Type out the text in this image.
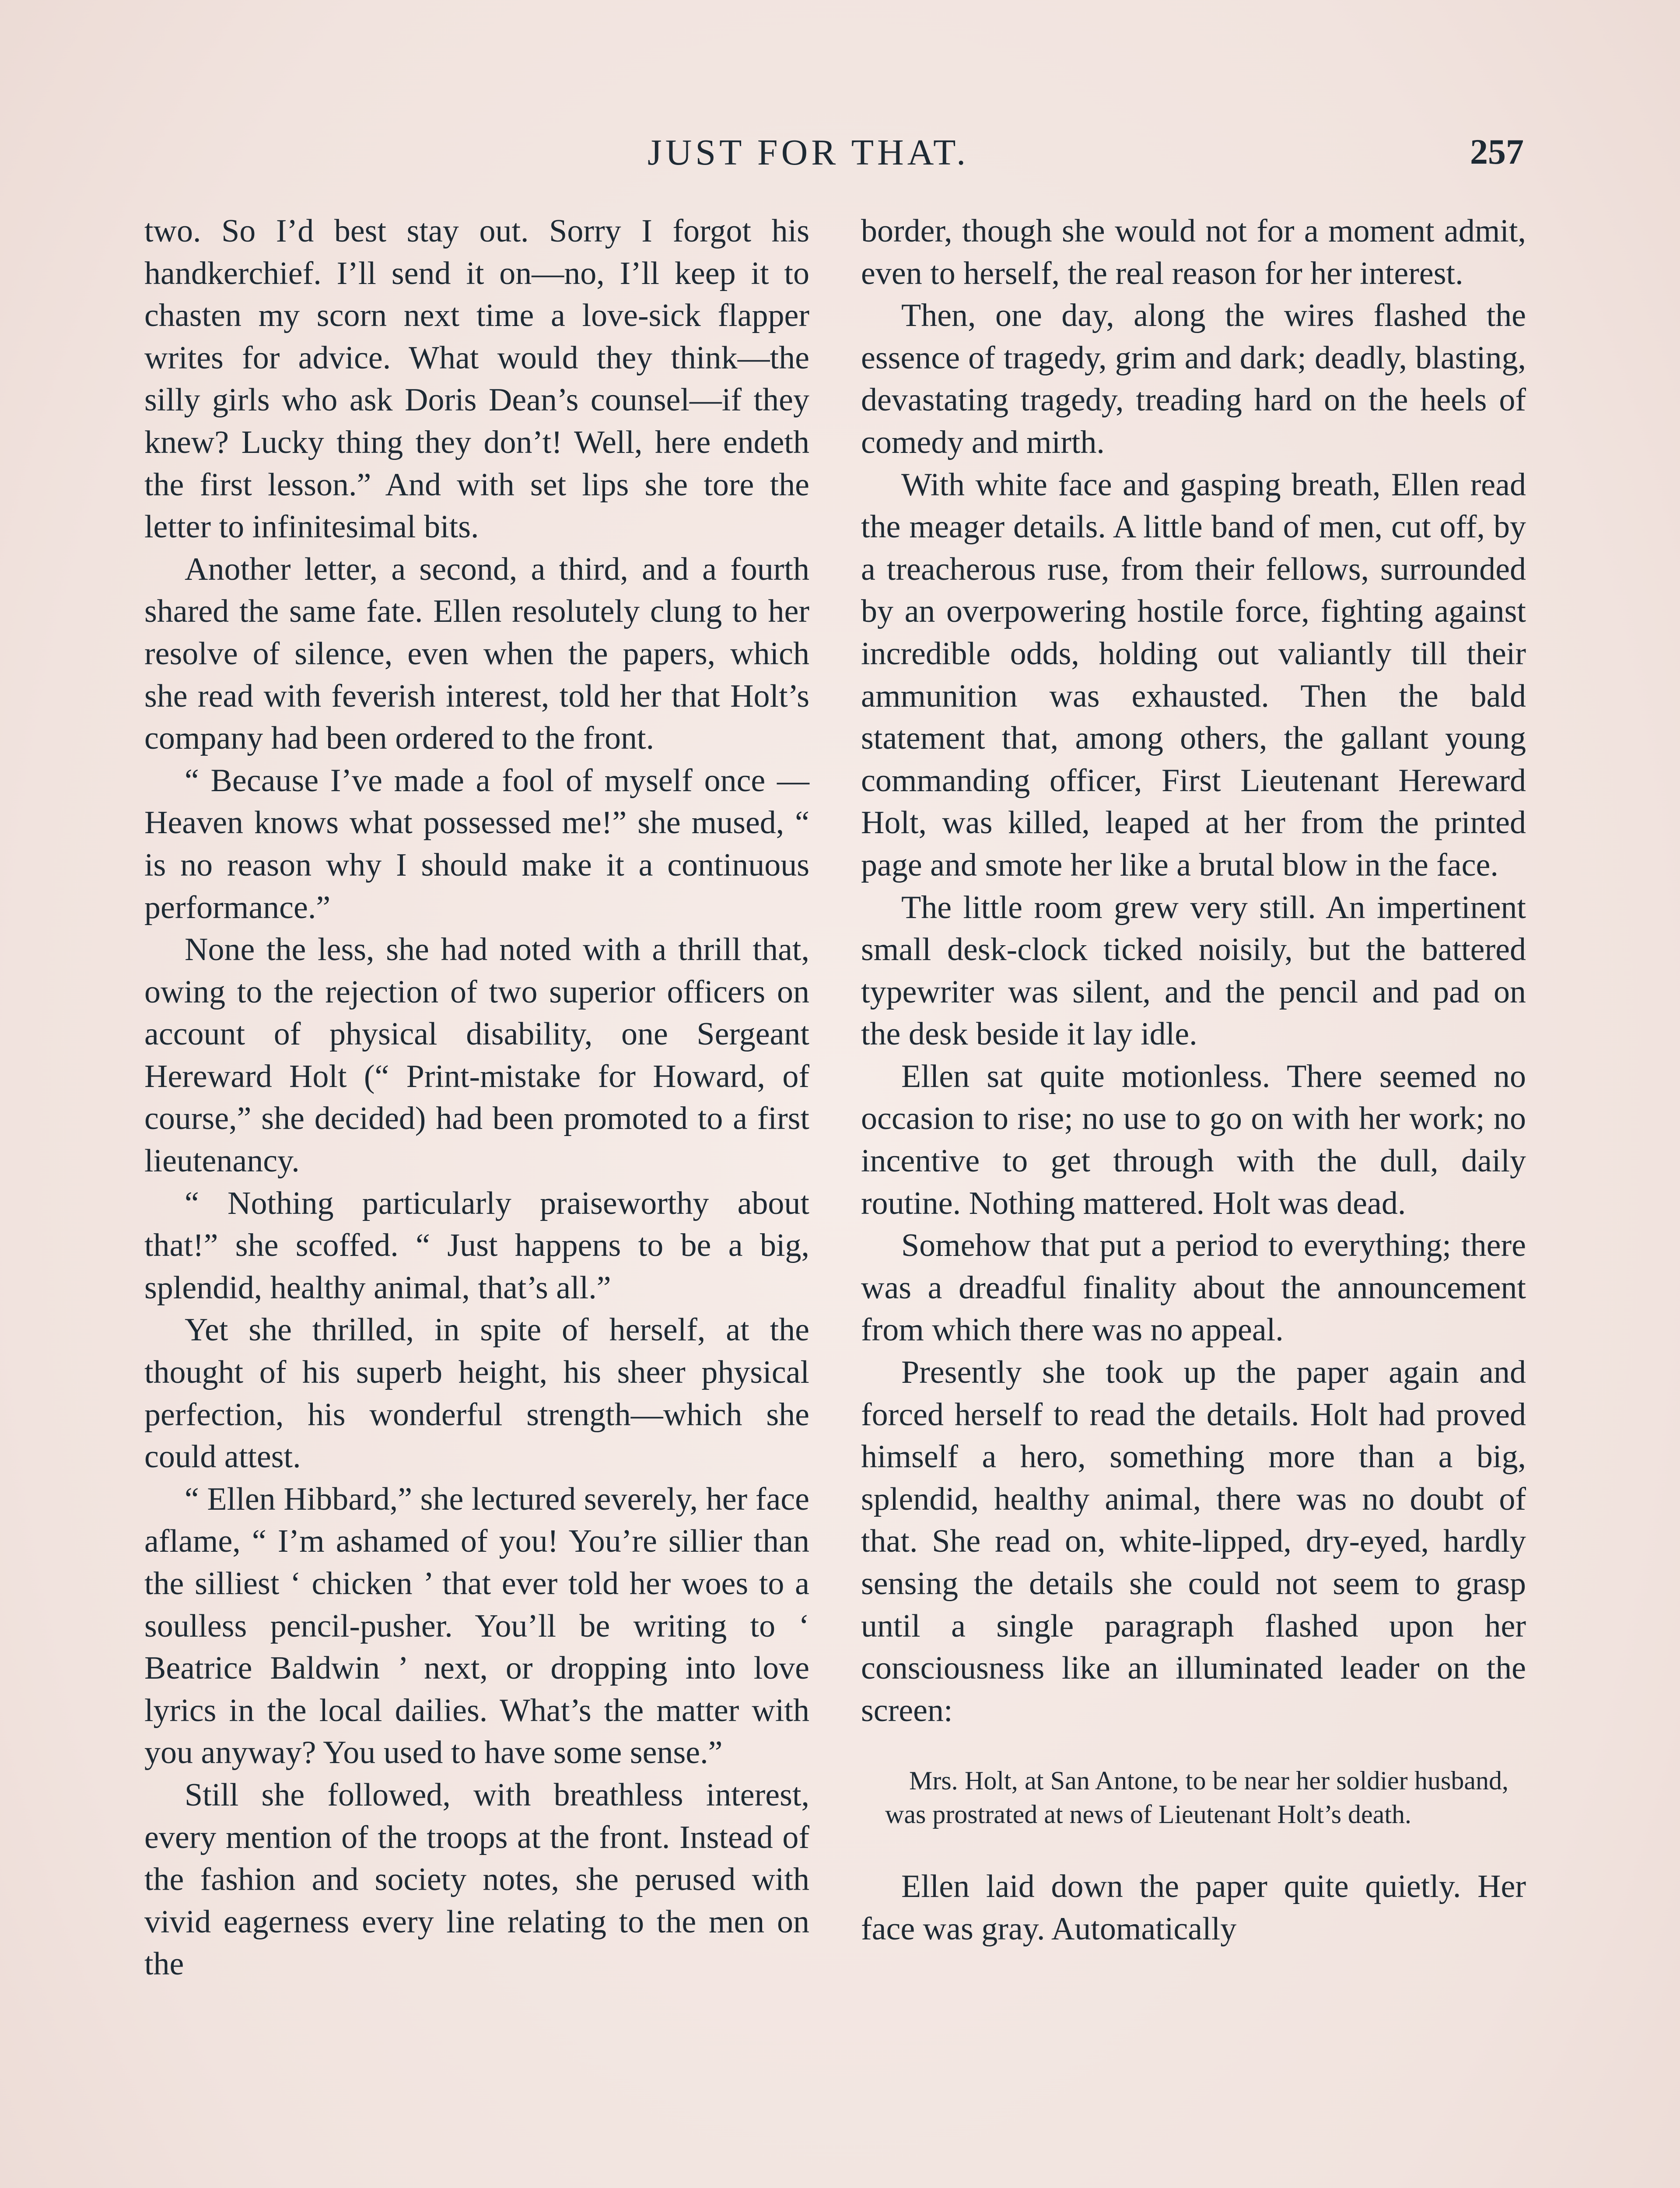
JUST FOR THAT.	257

two. So I’d best stay out. Sorry I forgot his handkerchief. I’ll send it on—no, I’ll keep it to chasten my scorn next time a love-sick flapper writes for advice. What would they think—the silly girls who ask Doris Dean’s counsel—if they knew? Lucky thing they don’t! Well, here endeth the first lesson.” And with set lips she tore the letter to infinitesimal bits.

Another letter, a second, a third, and a fourth shared the same fate. Ellen resolutely clung to her resolve of silence, even when the papers, which she read with feverish interest, told her that Holt’s company had been ordered to the front.

“ Because I’ve made a fool of myself once — Heaven knows what possessed me!” she mused, “ is no reason why I should make it a continuous performance.”

None the less, she had noted with a thrill that, owing to the rejection of two superior officers on account of physical disability, one Sergeant Hereward Holt (“ Print-mistake for Howard, of course,” she decided) had been promoted to a first lieutenancy.

“ Nothing particularly praiseworthy about that!” she scoffed. “ Just happens to be a big, splendid, healthy animal, that’s all.”

Yet she thrilled, in spite of herself, at the thought of his superb height, his sheer physical perfection, his wonderful strength—which she could attest.

“ Ellen Hibbard,” she lectured severely, her face aflame, “ I’m ashamed of you! You’re sillier than the silliest ‘ chicken ’ that ever told her woes to a soulless pencil-pusher. You’ll be writing to ‘ Beatrice Baldwin ’ next, or dropping into love lyrics in the local dailies. What’s the matter with you anyway? You used to have some sense.”

Still she followed, with breathless interest, every mention of the troops at the front. Instead of the fashion and society notes, she perused with vivid eagerness every line relating to the men on the

border, though she would not for a moment admit, even to herself, the real reason for her interest.

Then, one day, along the wires flashed the essence of tragedy, grim and dark; deadly, blasting, devastating tragedy, treading hard on the heels of comedy and mirth.

With white face and gasping breath, Ellen read the meager details. A little band of men, cut off, by a treacherous ruse, from their fellows, surrounded by an overpowering hostile force, fighting against incredible odds, holding out valiantly till their ammunition was exhausted. Then the bald statement that, among others, the gallant young commanding officer, First Lieutenant Hereward Holt, was killed, leaped at her from the printed page and smote her like a brutal blow in the face.

The little room grew very still. An impertinent small desk-clock ticked noisily, but the battered typewriter was silent, and the pencil and pad on the desk beside it lay idle.

Ellen sat quite motionless. There seemed no occasion to rise; no use to go on with her work; no incentive to get through with the dull, daily routine. Nothing mattered. Holt was dead.

Somehow that put a period to everything; there was a dreadful finality about the announcement from which there was no appeal.

Presently she took up the paper again and forced herself to read the details. Holt had proved himself a hero, something more than a big, splendid, healthy animal, there was no doubt of that. She read on, white-lipped, dry-eyed, hardly sensing the details she could not seem to grasp until a single paragraph flashed upon her consciousness like an illuminated leader on the screen:

Mrs. Holt, at San Antone, to be near her soldier husband, was prostrated at news of Lieutenant Holt’s death.

Ellen laid down the paper quite quietly. Her face was gray. Automatically
